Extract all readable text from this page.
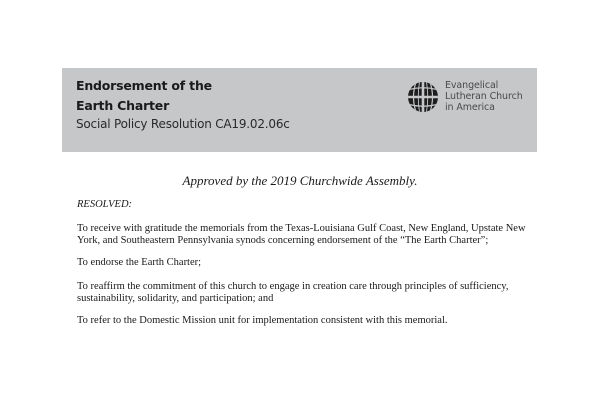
Endorsement of the
Earth Charter
Social Policy Resolution CA19.02.06c
Evangelical
Lutheran Church
in America
Approved by the 2019 Churchwide Assembly.
RESOLVED:
To receive with gratitude the memorials from the Texas-Louisiana Gulf Coast, New England, Upstate New York, and Southeastern Pennsylvania synods concerning endorsement of the “The Earth Charter”;
To endorse the Earth Charter;
To reaffirm the commitment of this church to engage in creation care through principles of sufficiency, sustainability, solidarity, and participation; and
To refer to the Domestic Mission unit for implementation consistent with this memorial.
